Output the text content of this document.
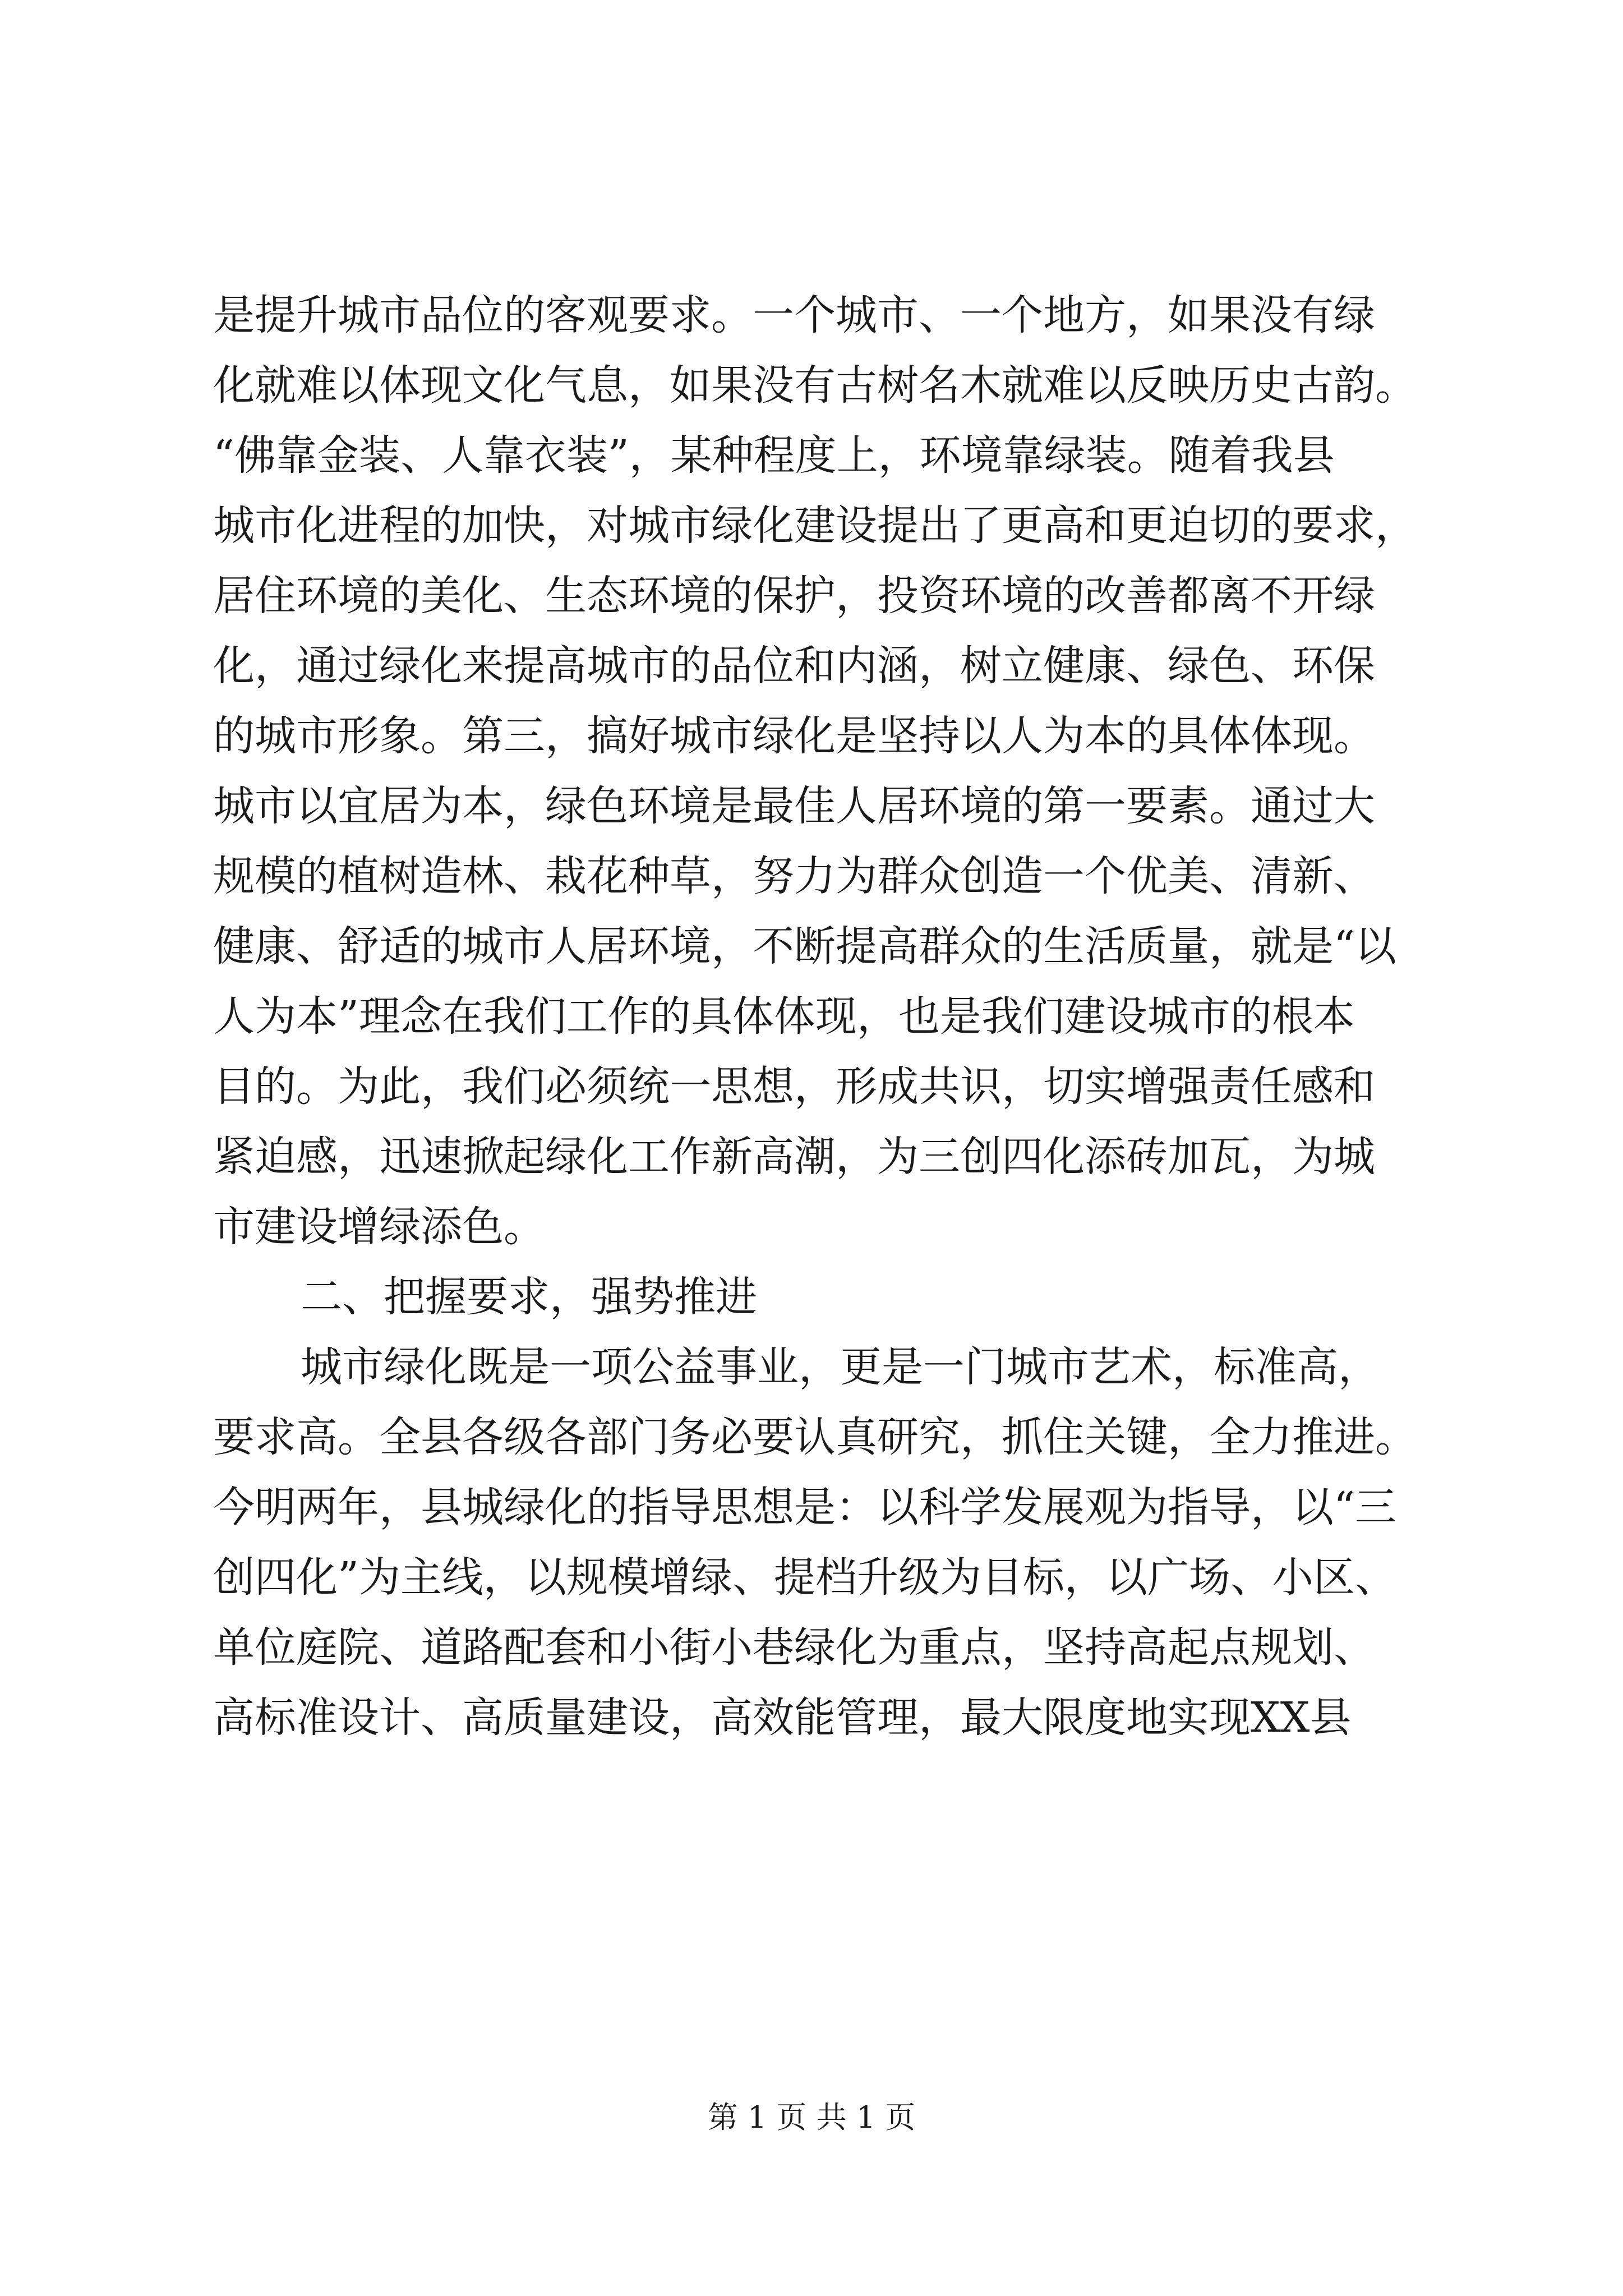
是提升城市品位的客观要求。一个城市、一个地方，如果没有绿
化就难以体现文化气息，如果没有古树名木就难以反映历史古韵。
“佛靠金装、人靠衣装”，某种程度上，环境靠绿装。随着我县
城市化进程的加快，对城市绿化建设提出了更高和更迫切的要求，
居住环境的美化、生态环境的保护，投资环境的改善都离不开绿
化，通过绿化来提高城市的品位和内涵，树立健康、绿色、环保
的城市形象。第三，搞好城市绿化是坚持以人为本的具体体现。
城市以宜居为本，绿色环境是最佳人居环境的第一要素。通过大
规模的植树造林、栽花种草，努力为群众创造一个优美、清新、
健康、舒适的城市人居环境，不断提高群众的生活质量，就是“以
人为本”理念在我们工作的具体体现，也是我们建设城市的根本
目的。为此，我们必须统一思想，形成共识，切实增强责任感和
紧迫感，迅速掀起绿化工作新高潮，为三创四化添砖加瓦，为城
市建设增绿添色。
二、把握要求，强势推进
城市绿化既是一项公益事业，更是一门城市艺术，标准高，
要求高。全县各级各部门务必要认真研究，抓住关键，全力推进。
今明两年，县城绿化的指导思想是：以科学发展观为指导，以“三
创四化”为主线，以规模增绿、提档升级为目标，以广场、小区、
单位庭院、道路配套和小街小巷绿化为重点，坚持高起点规划、
高标准设计、高质量建设，高效能管理，最大限度地实现XX县
第 1 页 共 1 页
